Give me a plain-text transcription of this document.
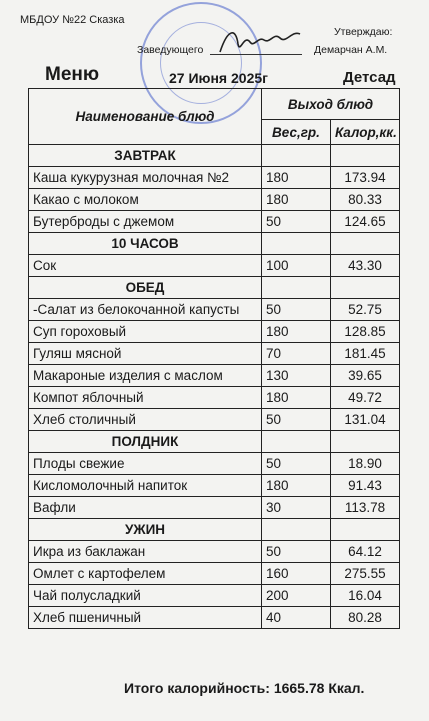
МБДОУ №22 Сказка
Утверждаю:
Заведующего	Демарчан А.М.
Меню	27 Июня 2025г	Детсад
Наименование блюд	Выход блюд	
	Вес,гр.	Калор,кк.
ЗАВТРАК		
Каша кукурузная молочная №2	180	173.94
Какао с молоком	180	80.33
Бутерброды с джемом	50	124.65
10 ЧАСОВ		
Сок	100	43.30
ОБЕД		
-Салат из белокочанной капусты	50	52.75
Суп гороховый	180	128.85
Гуляш мясной	70	181.45
Макароные изделия с маслом	130	39.65
Компот яблочный	180	49.72
Хлеб столичный	50	131.04
ПОЛДНИК		
Плоды свежие	50	18.90
Кисломолочный напиток	180	91.43
Вафли	30	113.78
УЖИН		
Икра из баклажан	50	64.12
Омлет с картофелем	160	275.55
Чай полусладкий	200	16.04
Хлеб пшеничный	40	80.28
Итого калорийность: 1665.78 Ккал.
